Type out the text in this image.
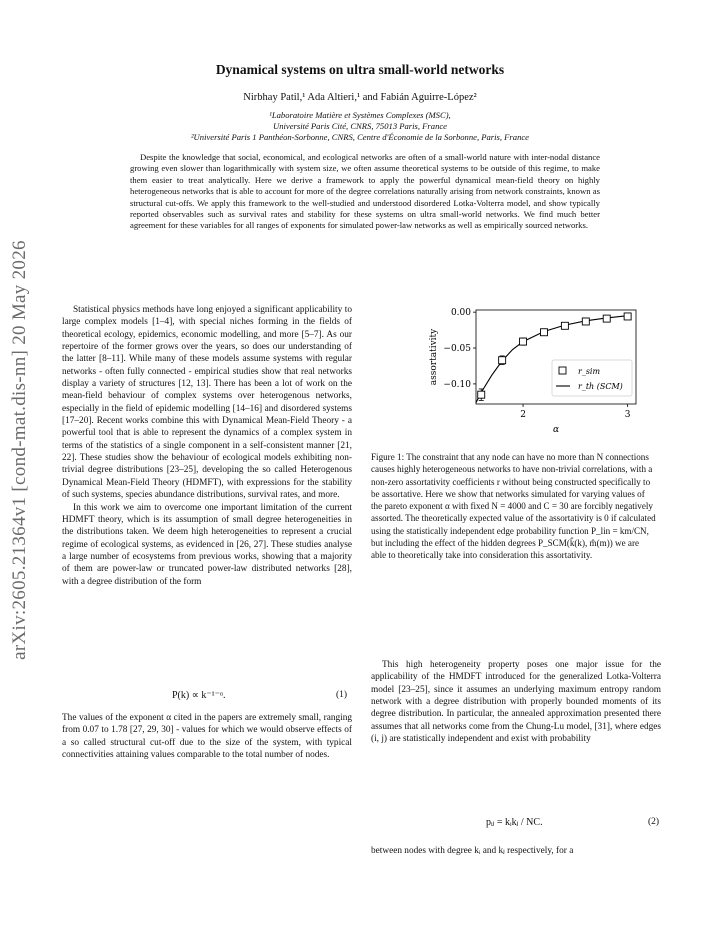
arXiv:2605.21364v1 [cond-mat.dis-nn] 20 May 2026
Dynamical systems on ultra small-world networks
Nirbhay Patil,¹ Ada Altieri,¹ and Fabián Aguirre-López²
¹Laboratoire Matière et Systèmes Complexes (MSC),
Université Paris Cité, CNRS, 75013 Paris, France
²Université Paris 1 Panthéon-Sorbonne, CNRS, Centre d'Économie de la Sorbonne, Paris, France
Despite the knowledge that social, economical, and ecological networks are often of a small-world nature with inter-nodal distance growing even slower than logarithmically with system size, we often assume theoretical systems to be outside of this regime, to make them easier to treat analytically. Here we derive a framework to apply the powerful dynamical mean-field theory on highly heterogeneous networks that is able to account for more of the degree correlations naturally arising from network constraints, known as structural cut-offs. We apply this framework to the well-studied and understood disordered Lotka-Volterra model, and show typically reported observables such as survival rates and stability for these systems on ultra small-world networks. We find much better agreement for these variables for all ranges of exponents for simulated power-law networks as well as empirically sourced networks.

Statistical physics methods have long enjoyed a significant applicability to large complex models [1–4], with special niches forming in the fields of theoretical ecology, epidemics, economic modelling, and more [5–7]. As our repertoire of the former grows over the years, so does our understanding of the latter [8–11]. While many of these models assume systems with regular networks - often fully connected - empirical studies show that real networks display a variety of structures [12, 13]. There has been a lot of work on the mean-field behaviour of complex systems over heterogenous networks, especially in the field of epidemic modelling [14–16] and disordered systems [17–20]. Recent works combine this with Dynamical Mean-Field Theory - a powerful tool that is able to represent the dynamics of a complex system in terms of the statistics of a single component in a self-consistent manner [21, 22]. These studies show the behaviour of ecological models exhibiting non-trivial degree distributions [23–25], developing the so called Heterogenous Dynamical Mean-Field Theory (HDMFT), with expressions for the stability of such systems, species abundance distributions, survival rates, and more.

In this work we aim to overcome one important limitation of the current HDMFT theory, which is its assumption of small degree heterogeneities in the distributions taken. We deem high heterogeneities to represent a crucial regime of ecological systems, as evidenced in [26, 27]. These studies analyse a large number of ecosystems from previous works, showing that a majority of them are power-law or truncated power-law distributed networks [28], with a degree distribution of the form

P(k) ∝ k⁻¹⁻ᵅ.	(1)

The values of the exponent α cited in the papers are extremely small, ranging from 0.07 to 1.78 [27, 29, 30] - values for which we would observe effects of a so called structural cut-off due to the size of the system, with typical connectivities attaining values comparable to the total number of nodes.

2	3
0.00
−0.05
−0.10
α
assortativity	r_sim
r_th (SCM)
Figure 1: The constraint that any node can have no more than N connections causes highly heterogeneous networks to have non-trivial correlations, with a non-zero assortativity coefficients r without being constructed specifically to be assortative. Here we show that networks simulated for varying values of the pareto exponent α with fixed N = 4000 and C = 30 are forcibly negatively assorted. The theoretically expected value of the assortativity is 0 if calculated using the statistically independent edge probability function P_lin = km/CN, but including the effect of the hidden degrees P_SCM(k̂(k), m̂(m)) we are able to theoretically take into consideration this assortativity.

This high heterogeneity property poses one major issue for the applicability of the HMDFT introduced for the generalized Lotka-Volterra model [23–25], since it assumes an underlying maximum entropy random network with a degree distribution with properly bounded moments of its degree distribution. In particular, the annealed approximation presented there assumes that all networks come from the Chung-Lu model, [31], where edges (i, j) are statistically independent and exist with probability

pᵢⱼ = kᵢkⱼ / NC.	(2)

between nodes with degree kᵢ and kⱼ respectively, for a
